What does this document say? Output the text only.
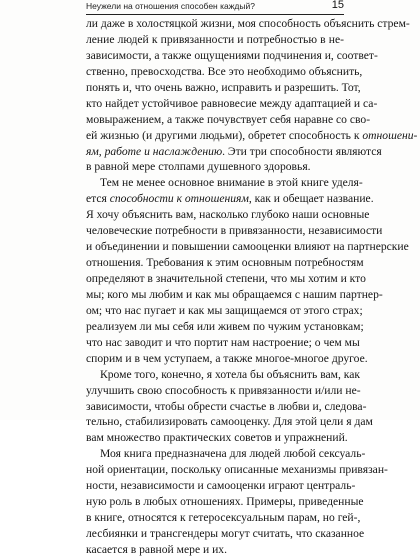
Неужели на отношения способен каждый?	15
ли даже в холостяцкой жизни, моя способность объяснить стрем-
ление людей к привязанности и потребностью в не-
зависимости, а также ощущениями подчинения и, соответ-
ственно, превосходства. Все это необходимо объяснить,
понять и, что очень важно, исправить и разрешить. Тот,
кто найдет устойчивое равновесие между адаптацией и са-
мовыражением, а также почувствует себя наравне со сво-
ей жизнью (и другими людьми), обретет способность к отношени-
ям, работе и наслаждению. Эти три способности являются
в равной мере столпами душевного здоровья.
Тем не менее основное внимание в этой книге уделя-
ется способности к отношениям, как и обещает название.
Я хочу объяснить вам, насколько глубоко наши основные
человеческие потребности в привязанности, независимости
и объединении и повышении самооценки влияют на партнерские
отношения. Требования к этим основным потребностям
определяют в значительной степени, что мы хотим и кто
мы; кого мы любим и как мы обращаемся с нашим партнер-
ом; что нас пугает и как мы защищаемся от этого страх;
реализуем ли мы себя или живем по чужим установкам;
что нас заводит и что портит нам настроение; о чем мы
спорим и в чем уступаем, а также многое-многое другое.
Кроме того, конечно, я хотела бы объяснить вам, как
улучшить свою способность к привязанности и/или не-
зависимости, чтобы обрести счастье в любви и, следова-
тельно, стабилизировать самооценку. Для этой цели я дам
вам множество практических советов и упражнений.
Моя книга предназначена для людей любой сексуаль-
ной ориентации, поскольку описанные механизмы привязан-
ности, независимости и самооценки играют централь-
ную роль в любых отношениях. Примеры, приведенные
в книге, относятся к гетеросексуальным парам, но гей-,
лесбиянки и трансгендеры могут считать, что сказанное
касается в равной мере и их.
